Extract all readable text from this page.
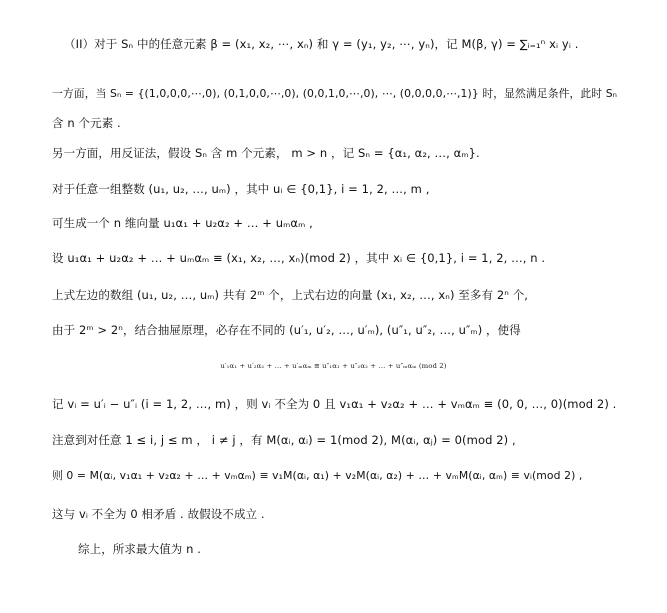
（II）对于 Sₙ 中的任意元素 β = (x₁, x₂, ⋯, xₙ) 和 γ = (y₁, y₂, ⋯, yₙ)，记 M(β, γ) = ∑ᵢ₌₁ⁿ xᵢ yᵢ .
一方面，当 Sₙ = {(1,0,0,0,⋯,0), (0,1,0,0,⋯,0), (0,0,1,0,⋯,0), ⋯, (0,0,0,0,⋯,1)} 时，显然满足条件，此时 Sₙ
含 n 个元素 .
另一方面，用反证法，假设 Sₙ 含 m 个元素， m > n ，记 Sₙ = {α₁, α₂, …, αₘ}.
对于任意一组整数 (u₁, u₂, …, uₘ) ，其中 uᵢ ∈ {0,1}, i = 1, 2, …, m ,
可生成一个 n 维向量 u₁α₁ + u₂α₂ + … + uₘαₘ ,
设 u₁α₁ + u₂α₂ + … + uₘαₘ ≡ (x₁, x₂, …, xₙ)(mod 2) ，其中 xᵢ ∈ {0,1}, i = 1, 2, …, n .
上式左边的数组 (u₁, u₂, …, uₘ) 共有 2ᵐ 个，上式右边的向量 (x₁, x₂, …, xₙ) 至多有 2ⁿ 个,
由于 2ᵐ > 2ⁿ，结合抽屉原理，必存在不同的 (u′₁, u′₂, …, u′ₘ), (u″₁, u″₂, …, u″ₘ) ，使得
u′₁α₁ + u′₂α₂ + … + u′ₘαₘ ≡ u″₁α₁ + u″₂α₂ + … + u″ₘαₘ (mod 2)
记 vᵢ = u′ᵢ − u″ᵢ (i = 1, 2, …, m) ，则 vᵢ 不全为 0 且 v₁α₁ + v₂α₂ + … + vₘαₘ ≡ (0, 0, …, 0)(mod 2) .
注意到对任意 1 ≤ i, j ≤ m ， i ≠ j ，有 M(αᵢ, αᵢ) = 1(mod 2), M(αᵢ, αⱼ) = 0(mod 2) ,
则 0 = M(αᵢ, v₁α₁ + v₂α₂ + … + vₘαₘ) ≡ v₁M(αᵢ, α₁) + v₂M(αᵢ, α₂) + … + vₘM(αᵢ, αₘ) ≡ vᵢ(mod 2) ,
这与 vᵢ 不全为 0 相矛盾 . 故假设不成立 .
综上，所求最大值为 n .
